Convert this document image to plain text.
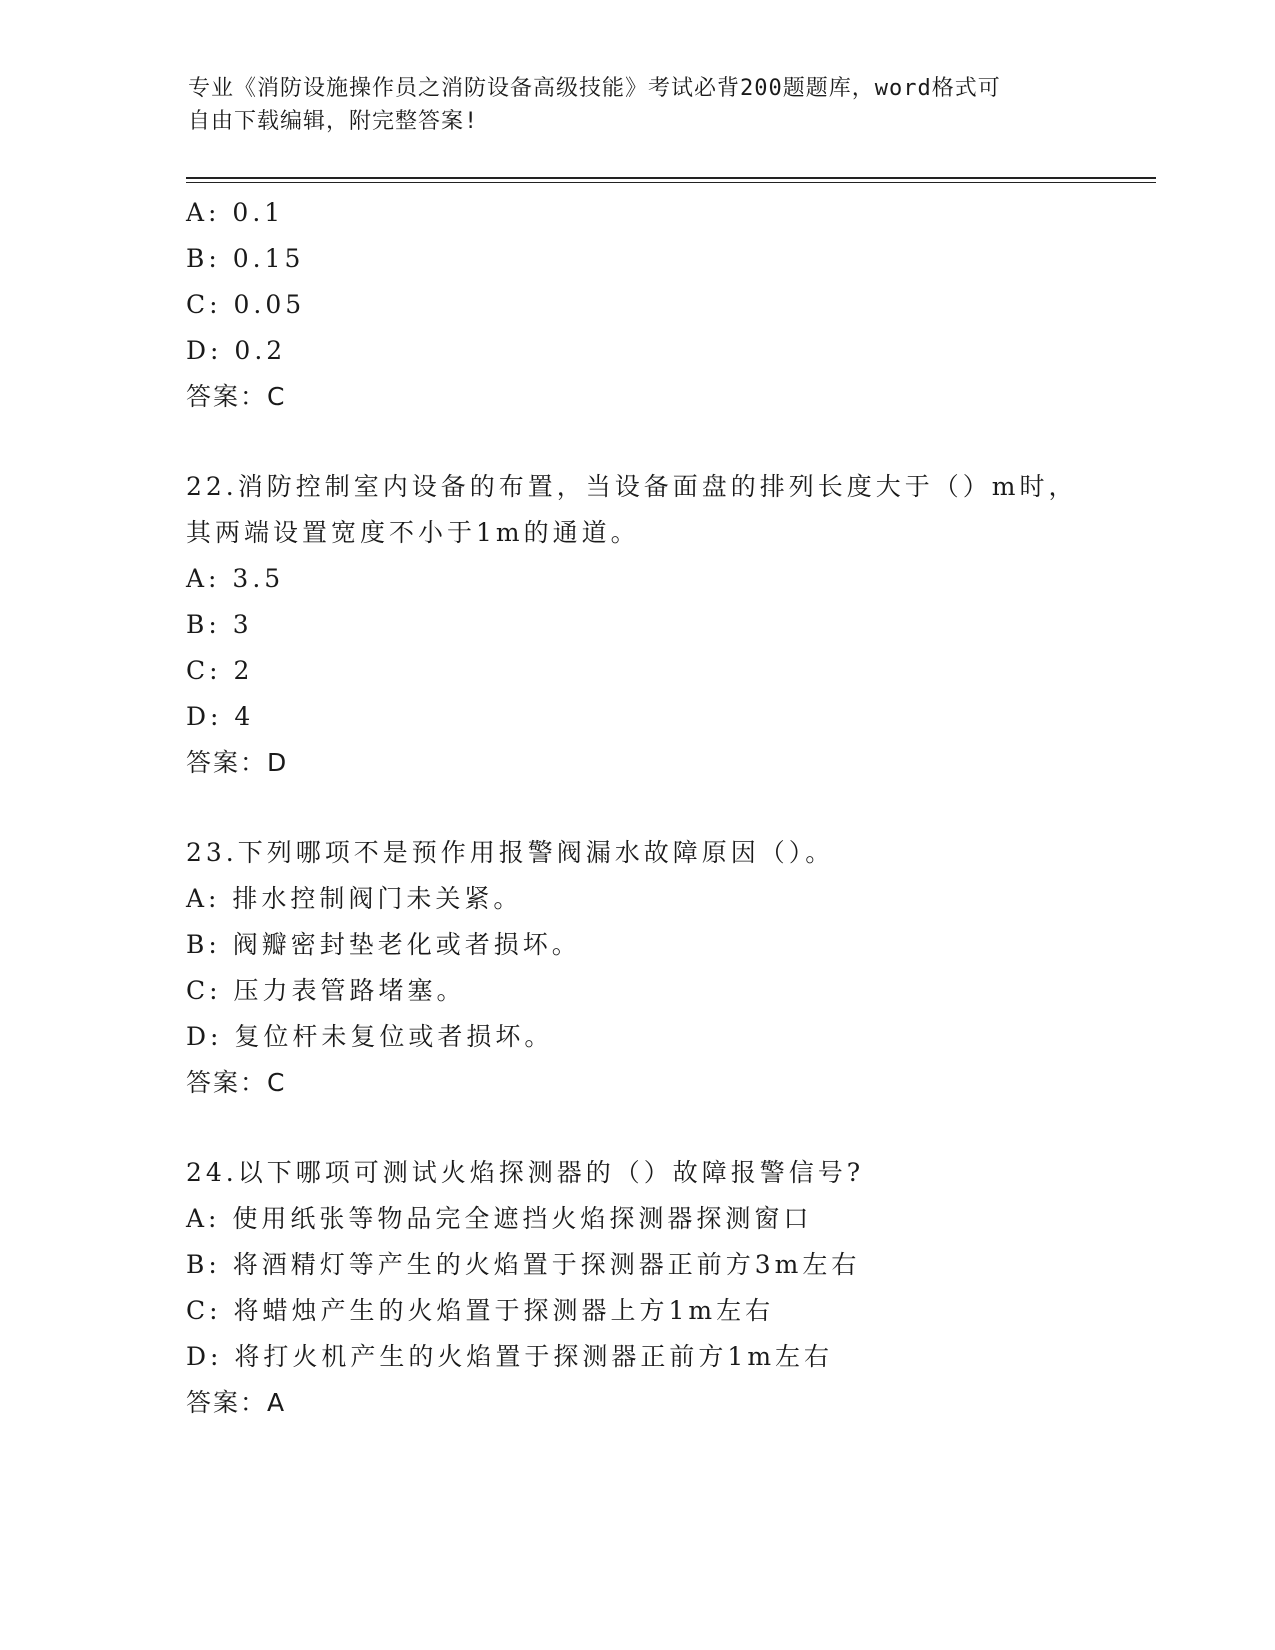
专业《消防设施操作员之消防设备高级技能》考试必背200题题库，word格式可
自由下载编辑，附完整答案!
A: 0.1
B: 0.15
C: 0.05
D: 0.2
答案：C
22.消防控制室内设备的布置，当设备面盘的排列长度大于（）m时，
其两端设置宽度不小于1m的通道。
A: 3.5
B: 3
C: 2
D: 4
答案：D
23.下列哪项不是预作用报警阀漏水故障原因（）。
A: 排水控制阀门未关紧。
B: 阀瓣密封垫老化或者损坏。
C: 压力表管路堵塞。
D: 复位杆未复位或者损坏。
答案：C
24.以下哪项可测试火焰探测器的（）故障报警信号?
A: 使用纸张等物品完全遮挡火焰探测器探测窗口
B: 将酒精灯等产生的火焰置于探测器正前方3m左右
C: 将蜡烛产生的火焰置于探测器上方1m左右
D: 将打火机产生的火焰置于探测器正前方1m左右
答案：A
